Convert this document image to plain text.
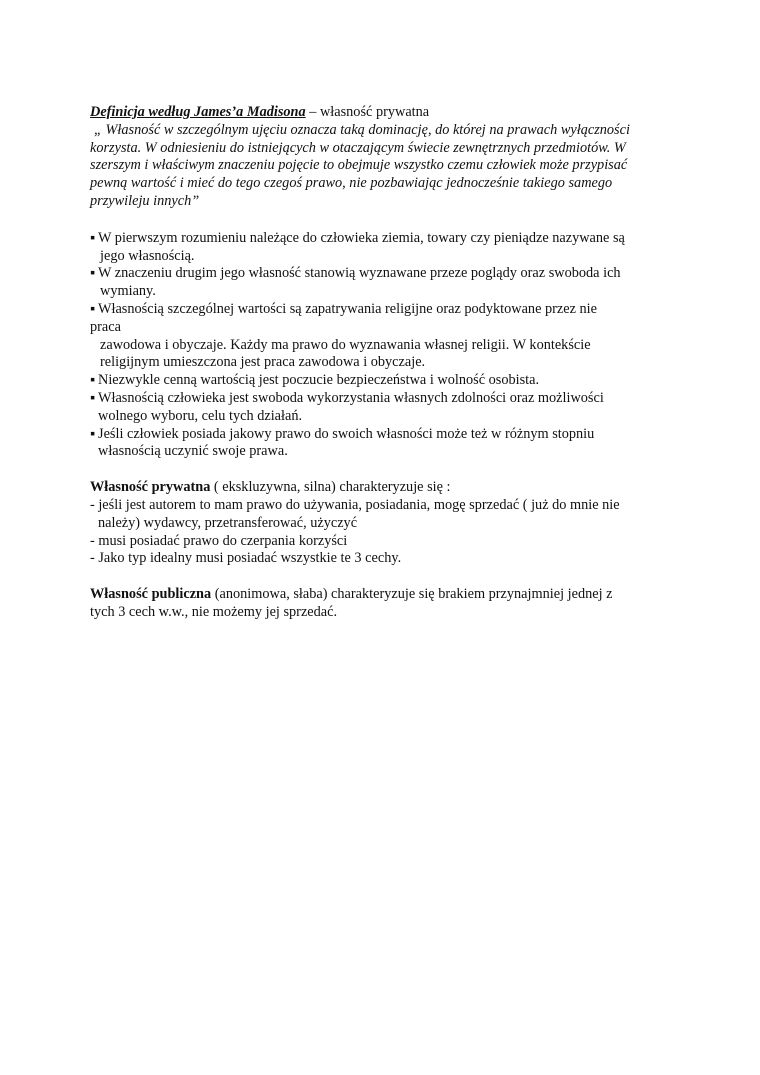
Definicja według James’a Madisona – własność prywatna
„ Własność w szczególnym ujęciu oznacza taką dominację, do której na prawach wyłączności
korzysta. W odniesieniu do istniejących w otaczającym świecie zewnętrznych przedmiotów. W
szerszym i właściwym znaczeniu pojęcie to obejmuje wszystko czemu człowiek może przypisać
pewną wartość i mieć do tego czegoś prawo, nie pozbawiając jednocześnie takiego samego
przywileju innych”
▪ W pierwszym rozumieniu należące do człowieka ziemia, towary czy pieniądze nazywane są
jego własnością.
▪ W znaczeniu drugim jego własność stanowią wyznawane przeze poglądy oraz swoboda ich
wymiany.
▪ Własnością szczególnej wartości są zapatrywania religijne oraz podyktowane przez nie
praca
zawodowa i obyczaje. Każdy ma prawo do wyznawania własnej religii. W kontekście
religijnym umieszczona jest praca zawodowa i obyczaje.
▪ Niezwykle cenną wartością jest poczucie bezpieczeństwa i wolność osobista.
▪ Własnością człowieka jest swoboda wykorzystania własnych zdolności oraz możliwości
wolnego wyboru, celu tych działań.
▪ Jeśli człowiek posiada jakowy prawo do swoich własności może też w różnym stopniu
własnością uczynić swoje prawa.
Własność prywatna ( ekskluzywna, silna) charakteryzuje się :
- jeśli jest autorem to mam prawo do używania, posiadania, mogę sprzedać ( już do mnie nie
należy) wydawcy, przetransferować, użyczyć
- musi posiadać prawo do czerpania korzyści
- Jako typ idealny musi posiadać wszystkie te 3 cechy.
Własność publiczna (anonimowa, słaba) charakteryzuje się brakiem przynajmniej jednej z
tych 3 cech w.w., nie możemy jej sprzedać.
